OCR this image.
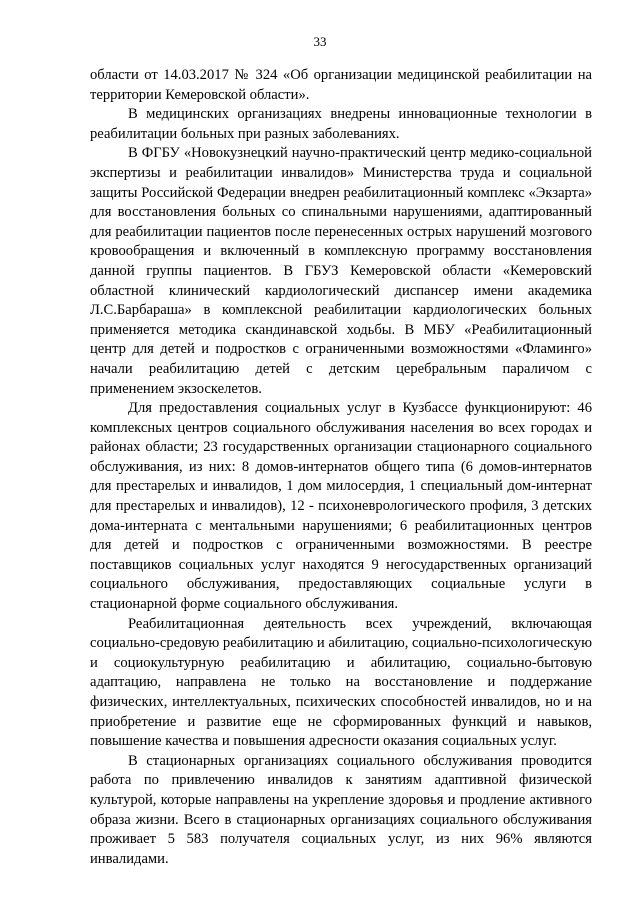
33

области от 14.03.2017 № 324 «Об организации медицинской реабилитации на территории Кемеровской области».

В медицинских организациях внедрены инновационные технологии в реабилитации больных при разных заболеваниях.

В ФГБУ «Новокузнецкий научно-практический центр медико-социальной экспертизы и реабилитации инвалидов» Министерства труда и социальной защиты Российской Федерации внедрен реабилитационный комплекс «Экзарта» для восстановления больных со спинальными нарушениями, адаптированный для реабилитации пациентов после перенесенных острых нарушений мозгового кровообращения и включенный в комплексную программу восстановления данной группы пациентов. В ГБУЗ Кемеровской области «Кемеровский областной клинический кардиологический диспансер имени академика Л.С.Барбараша» в комплексной реабилитации кардиологических больных применяется методика скандинавской ходьбы. В МБУ «Реабилитационный центр для детей и подростков с ограниченными возможностями «Фламинго» начали реабилитацию детей с детским церебральным параличом с применением экзоскелетов.

Для предоставления социальных услуг в Кузбассе функционируют: 46 комплексных центров социального обслуживания населения во всех городах и районах области; 23 государственных организации стационарного социального обслуживания, из них: 8 домов-интернатов общего типа (6 домов-интернатов для престарелых и инвалидов, 1 дом милосердия, 1 специальный дом-интернат для престарелых и инвалидов), 12 - психоневрологического профиля, 3 детских дома-интерната с ментальными нарушениями; 6 реабилитационных центров для детей и подростков с ограниченными возможностями. В реестре поставщиков социальных услуг находятся 9 негосударственных организаций социального обслуживания, предоставляющих социальные услуги в стационарной форме социального обслуживания.

Реабилитационная деятельность всех учреждений, включающая социально-средовую реабилитацию и абилитацию, социально-психологическую и социокультурную реабилитацию и абилитацию, социально-бытовую адаптацию, направлена не только на восстановление и поддержание физических, интеллектуальных, психических способностей инвалидов, но и на приобретение и развитие еще не сформированных функций и навыков, повышение качества и повышения адресности оказания социальных услуг.

В стационарных организациях социального обслуживания проводится работа по привлечению инвалидов к занятиям адаптивной физической культурой, которые направлены на укрепление здоровья и продление активного образа жизни. Всего в стационарных организациях социального обслуживания проживает 5 583 получателя социальных услуг, из них 96% являются инвалидами.
